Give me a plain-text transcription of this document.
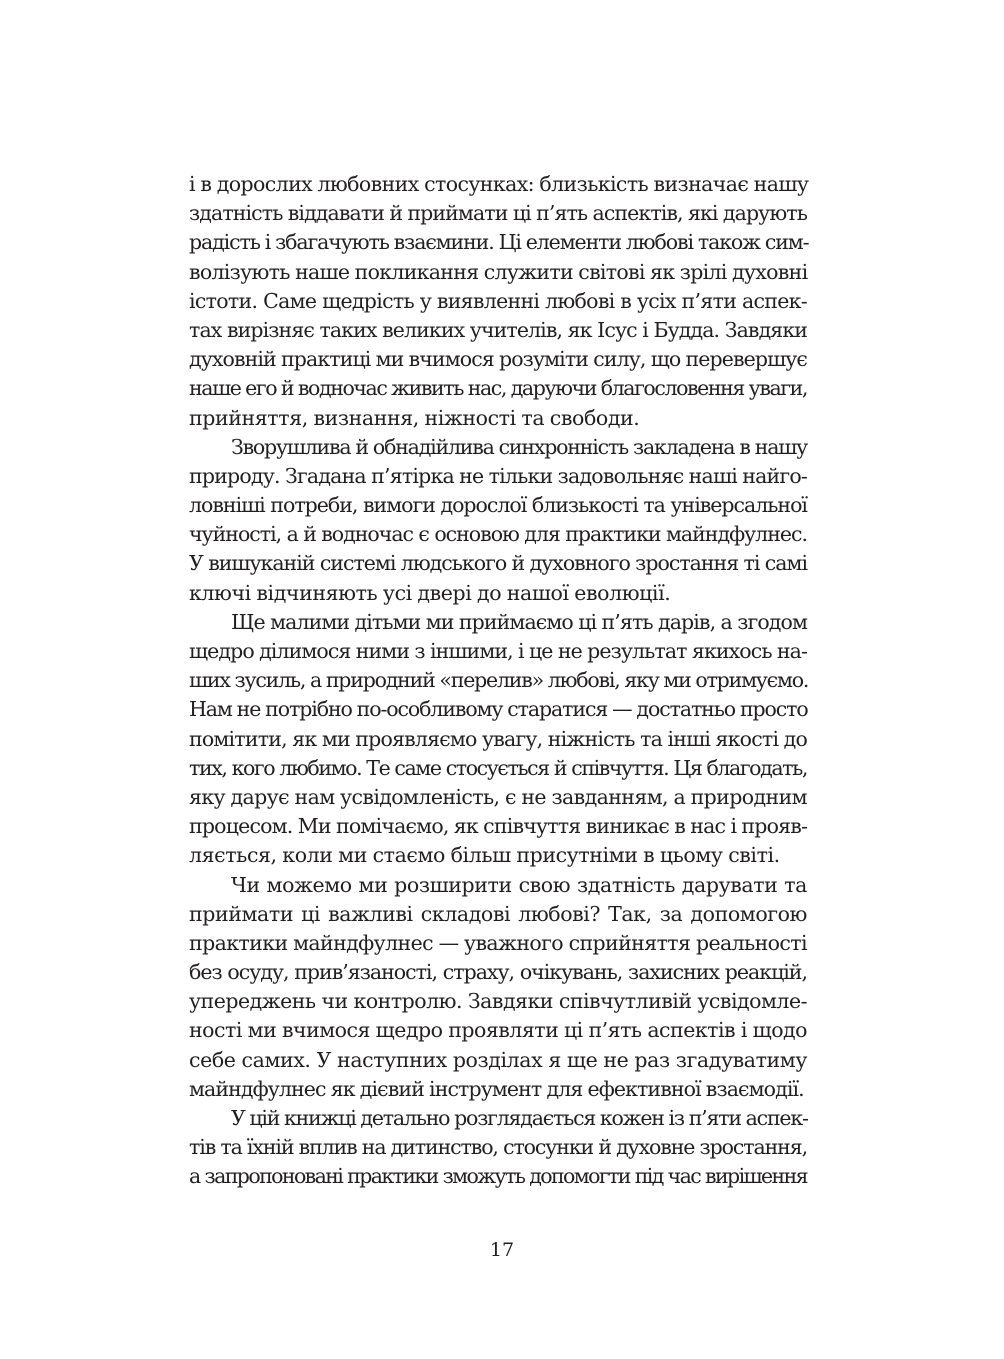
і в дорослих любовних стосунках: близькість визначає нашу
здатність віддавати й приймати ці п’ять аспектів, які дарують
радість і збагачують взаємини. Ці елементи любові також сим-
волізують наше покликання служити світові як зрілі духовні
істоти. Саме щедрість у виявленні любові в усіх п’яти аспек-
тах вирізняє таких великих учителів, як Ісус і Будда. Завдяки
духовній практиці ми вчимося розуміти силу, що перевершує
наше его й водночас живить нас, даруючи благословення уваги,
прийняття, визнання, ніжності та свободи.
Зворушлива й обнадійлива синхронність закладена в нашу
природу. Згадана п’ятірка не тільки задовольняє наші найго-
ловніші потреби, вимоги дорослої близькості та універсальної
чуйності, а й водночас є основою для практики майндфулнес.
У вишуканій системі людського й духовного зростання ті самі
ключі відчиняють усі двері до нашої еволюції.
Ще малими дітьми ми приймаємо ці п’ять дарів, а згодом
щедро ділимося ними з іншими, і це не результат якихось на-
ших зусиль, а природний «перелив» любові, яку ми отримуємо.
Нам не потрібно по-особливому старатися — достатньо просто
помітити, як ми проявляємо увагу, ніжність та інші якості до
тих, кого любимо. Те саме стосується й співчуття. Ця благодать,
яку дарує нам усвідомленість, є не завданням, а природним
процесом. Ми помічаємо, як співчуття виникає в нас і прояв-
ляється, коли ми стаємо більш присутніми в цьому світі.
Чи можемо ми розширити свою здатність дарувати та
приймати ці важливі складові любові? Так, за допомогою
практики майндфулнес — уважного сприйняття реальності
без осуду, прив’язаності, страху, очікувань, захисних реакцій,
упереджень чи контролю. Завдяки співчутливій усвідомле-
ності ми вчимося щедро проявляти ці п’ять аспектів і щодо
себе самих. У наступних розділах я ще не раз згадуватиму
майндфулнес як дієвий інструмент для ефективної взаємодії.
У цій книжці детально розглядається кожен із п’яти аспек-
тів та їхній вплив на дитинство, стосунки й духовне зростання,
а запропоновані практики зможуть допомогти під час вирішення
17
